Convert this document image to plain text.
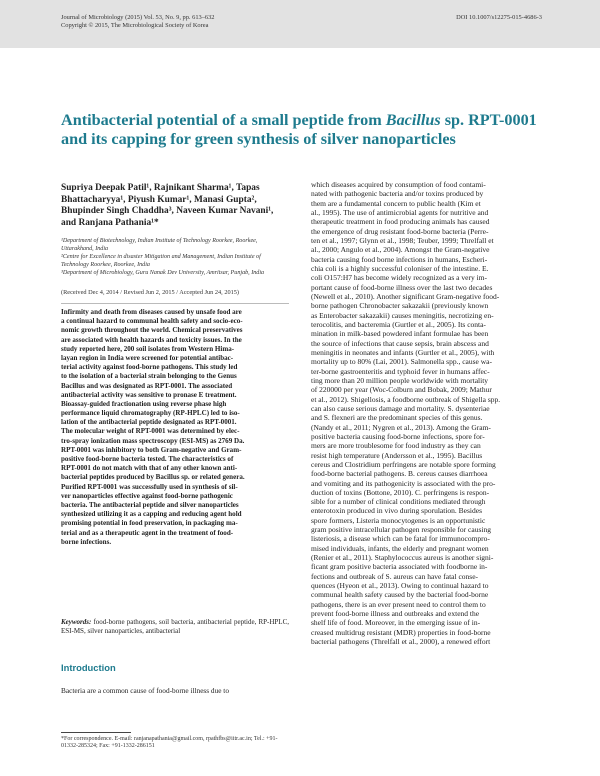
Journal of Microbiology (2015) Vol. 53, No. 9, pp. 613–632
Copyright © 2015, The Microbiological Society of Korea
DOI 10.1007/s12275-015-4686-3
Antibacterial potential of a small peptide from Bacillus sp. RPT-0001 and its capping for green synthesis of silver nanoparticles
Supriya Deepak Patil¹, Rajnikant Sharma¹, Tapas Bhattacharyya¹, Piyush Kumar¹, Manasi Gupta², Bhupinder Singh Chaddha³, Naveen Kumar Navani¹, and Ranjana Pathania¹*
¹Department of Biotechnology, Indian Institute of Technology Roorkee, Roorkee, Uttarakhand, India
²Centre for Excellence in disaster Mitigation and Management, Indian Institute of Technology Roorkee, Roorkee, India
³Department of Microbiology, Guru Nanak Dev University, Amritsar, Punjab, India
(Received Dec 4, 2014 / Revised Jun 2, 2015 / Accepted Jun 24, 2015)
Infirmity and death from diseases caused by unsafe food are
a continual hazard to communal health safety and socio-eco-
nomic growth throughout the world. Chemical preservatives
are associated with health hazards and toxicity issues. In the
study reported here, 200 soil isolates from Western Hima-
layan region in India were screened for potential antibac-
terial activity against food-borne pathogens. This study led
to the isolation of a bacterial strain belonging to the Genus
Bacillus and was designated as RPT-0001. The associated
antibacterial activity was sensitive to pronase E treatment.
Bioassay-guided fractionation using reverse phase high
performance liquid chromatography (RP-HPLC) led to iso-
lation of the antibacterial peptide designated as RPT-0001.
The molecular weight of RPT-0001 was determined by elec-
tro-spray ionization mass spectroscopy (ESI-MS) as 2769 Da.
RPT-0001 was inhibitory to both Gram-negative and Gram-
positive food-borne bacteria tested. The characteristics of
RPT-0001 do not match with that of any other known anti-
bacterial peptides produced by Bacillus sp. or related genera.
Purified RPT-0001 was successfully used in synthesis of sil-
ver nanoparticles effective against food-borne pathogenic
bacteria. The antibacterial peptide and silver nanoparticles
synthesized utilizing it as a capping and reducing agent hold
promising potential in food preservation, in packaging ma-
terial and as a therapeutic agent in the treatment of food-
borne infections.
Keywords: food-borne pathogens, soil bacteria, antibacterial peptide, RP-HPLC, ESI-MS, silver nanoparticles, antibacterial
Introduction
Bacteria are a common cause of food-borne illness due to
*For correspondence. E-mail: ranjanapathania@gmail.com, rpathfbs@iitr.ac.in; Tel.: +91-01332-285324; Fax: +91-1332-286151
which diseases acquired by consumption of food contami-
nated with pathogenic bacteria and/or toxins produced by
them are a fundamental concern to public health (Kim et
al., 1995). The use of antimicrobial agents for nutritive and
therapeutic treatment in food producing animals has caused
the emergence of drug resistant food-borne bacteria (Perre-
ten et al., 1997; Glynn et al., 1998; Teuber, 1999; Threlfall et
al., 2000; Angulo et al., 2004). Amongst the Gram-negative
bacteria causing food borne infections in humans, Escheri-
chia coli is a highly successful coloniser of the intestine. E.
coli O157:H7 has become widely recognized as a very im-
portant cause of food-borne illness over the last two decades
(Newell et al., 2010). Another significant Gram-negative food-
borne pathogen Chronobacter sakazakii (previously known
as Enterobacter sakazakii) causes meningitis, necrotizing en-
terocolitis, and bacteremia (Gurtler et al., 2005). Its conta-
mination in milk-based powdered infant formulae has been
the source of infections that cause sepsis, brain abscess and
meningitis in neonates and infants (Gurtler et al., 2005), with
mortality up to 80% (Lai, 2001). Salmonella spp., cause wa-
ter-borne gastroenteritis and typhoid fever in humans affec-
ting more than 20 million people worldwide with mortality
of 220000 per year (Woc-Colburn and Bobak, 2009; Mathur
et al., 2012). Shigellosis, a foodborne outbreak of Shigella spp.
can also cause serious damage and mortality. S. dysenteriae
and S. flexneri are the predominant species of this genus.
(Nandy et al., 2011; Nygren et al., 2013). Among the Gram-
positive bacteria causing food-borne infections, spore for-
mers are more troublesome for food industry as they can
resist high temperature (Andersson et al., 1995). Bacillus
cereus and Clostridium perfringens are notable spore forming
food-borne bacterial pathogens. B. cereus causes diarrhoea
and vomiting and its pathogenicity is associated with the pro-
duction of toxins (Bottone, 2010). C. perfringens is respon-
sible for a number of clinical conditions mediated through
enterotoxin produced in vivo during sporulation. Besides
spore formers, Listeria monocytogenes is an opportunistic
gram positive intracellular pathogen responsible for causing
listeriosis, a disease which can be fatal for immunocompro-
mised individuals, infants, the elderly and pregnant women
(Renier et al., 2011). Staphylococcus aureus is another signi-
ficant gram positive bacteria associated with foodborne in-
fections and outbreak of S. aureus can have fatal conse-
quences (Hyeon et al., 2013). Owing to continual hazard to
communal health safety caused by the bacterial food-borne
pathogens, there is an ever present need to control them to
prevent food-borne illness and outbreaks and extend the
shelf life of food. Moreover, in the emerging issue of in-
creased multidrug resistant (MDR) properties in food-borne
bacterial pathogens (Threlfall et al., 2000), a renewed effort
